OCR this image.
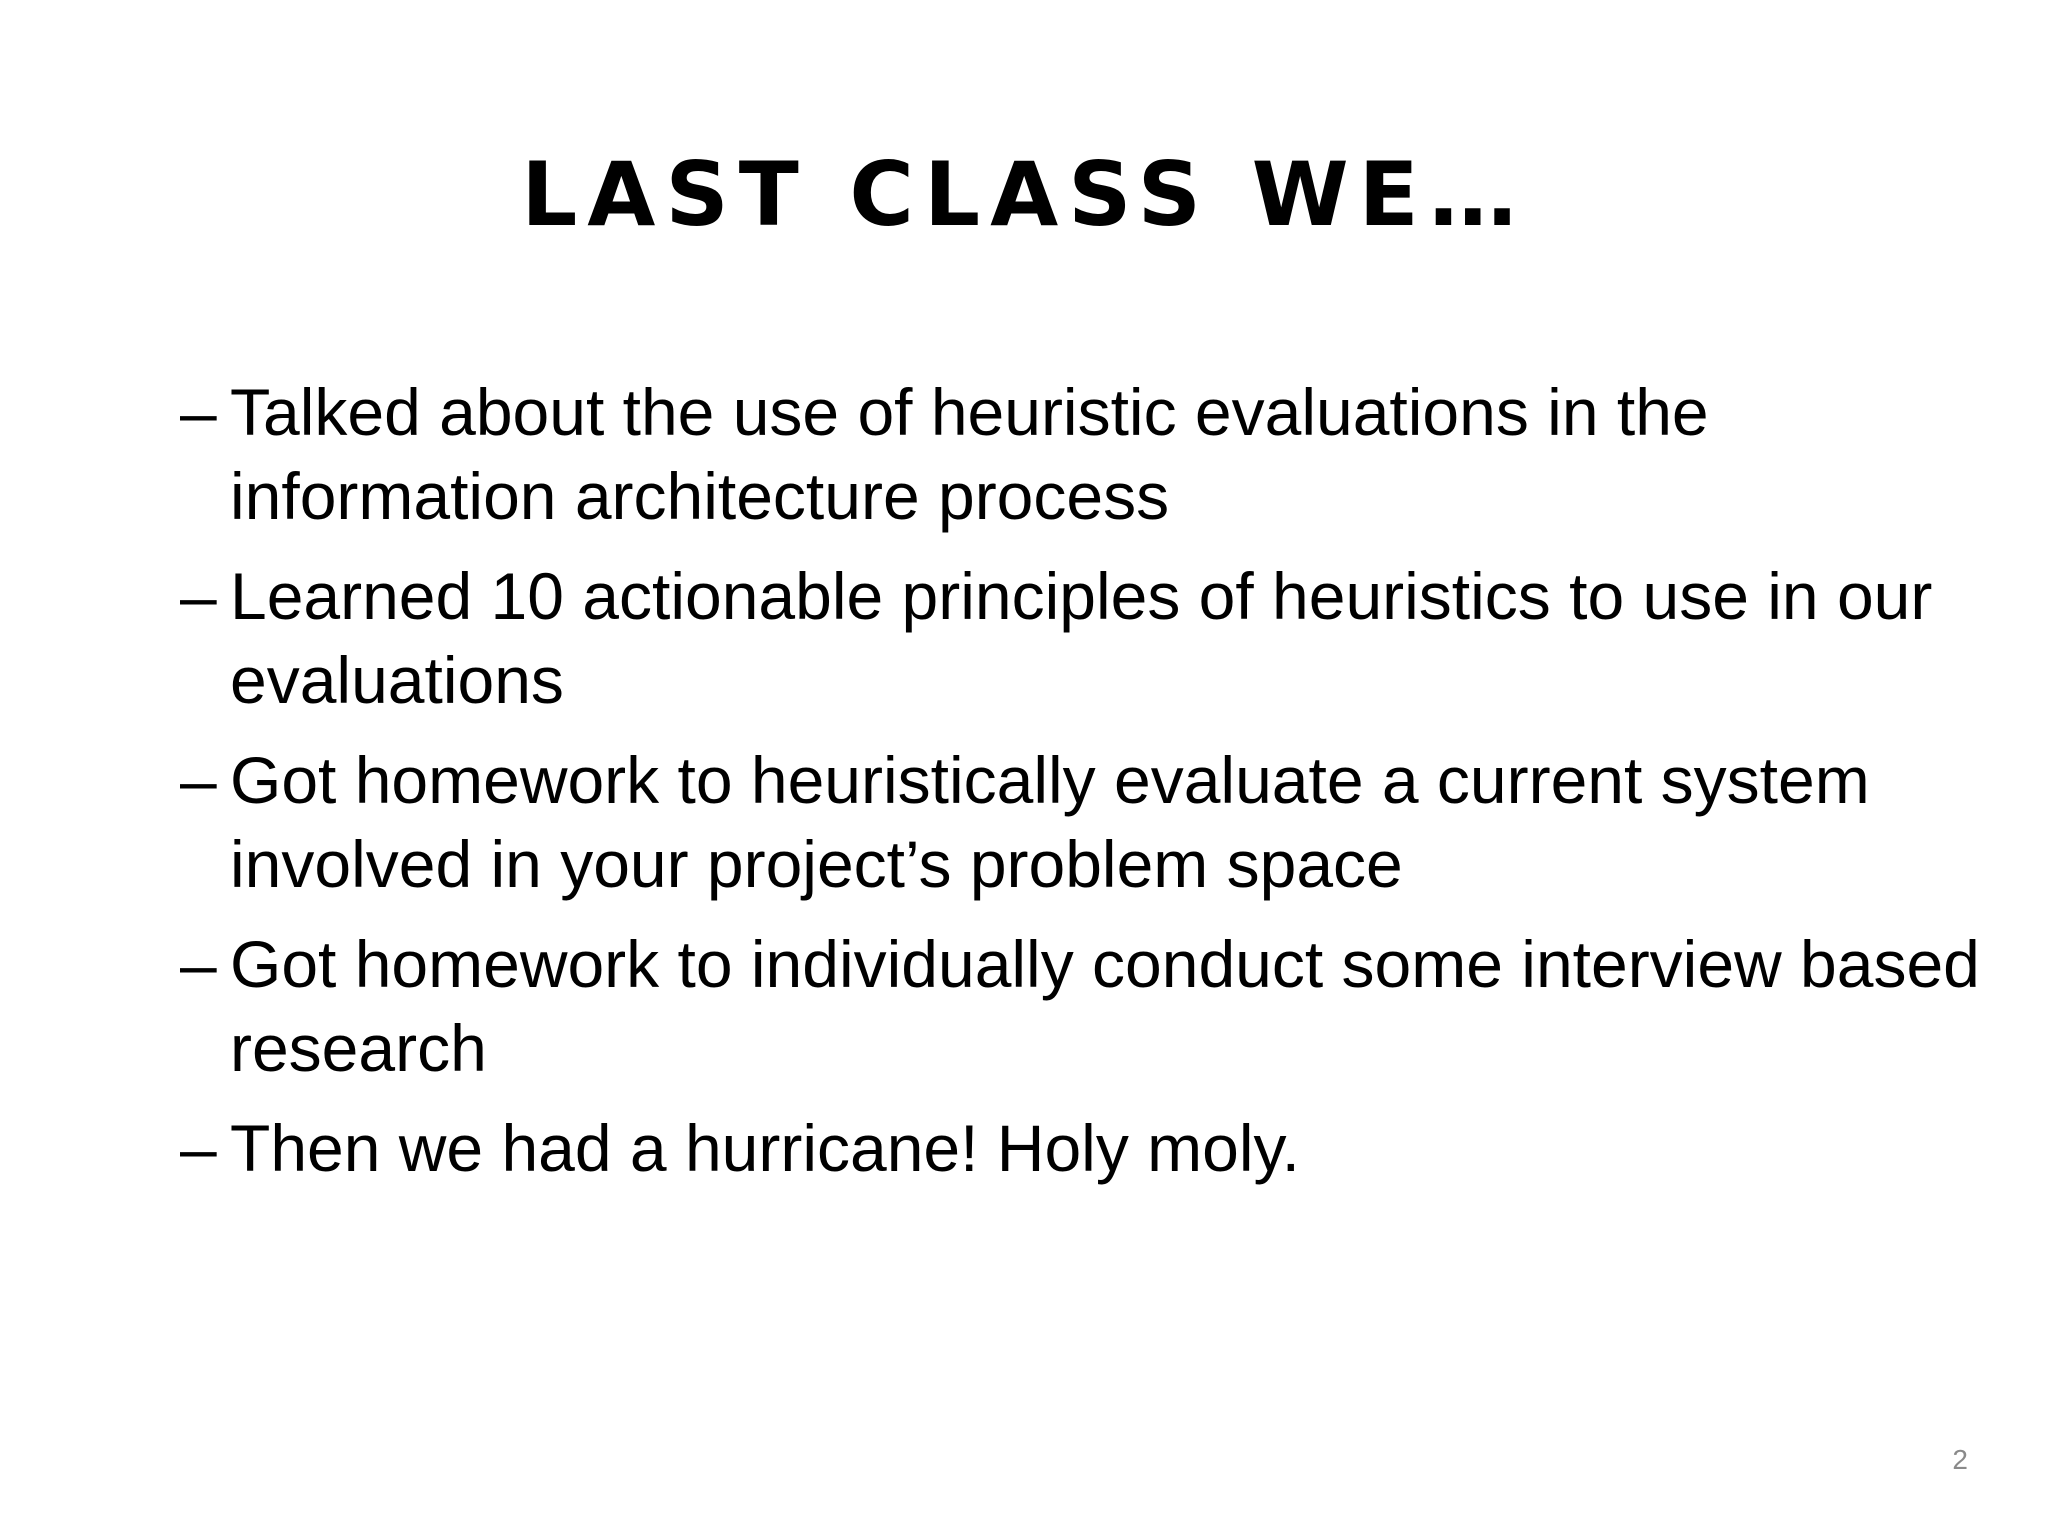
LAST CLASS WE…
– Talked about the use of heuristic evaluations in the information architecture process
– Learned 10 actionable principles of heuristics to use in our evaluations
– Got homework to heuristically evaluate a current system involved in your project’s problem space
– Got homework to individually conduct some interview based research
– Then we had a hurricane! Holy moly.
2
